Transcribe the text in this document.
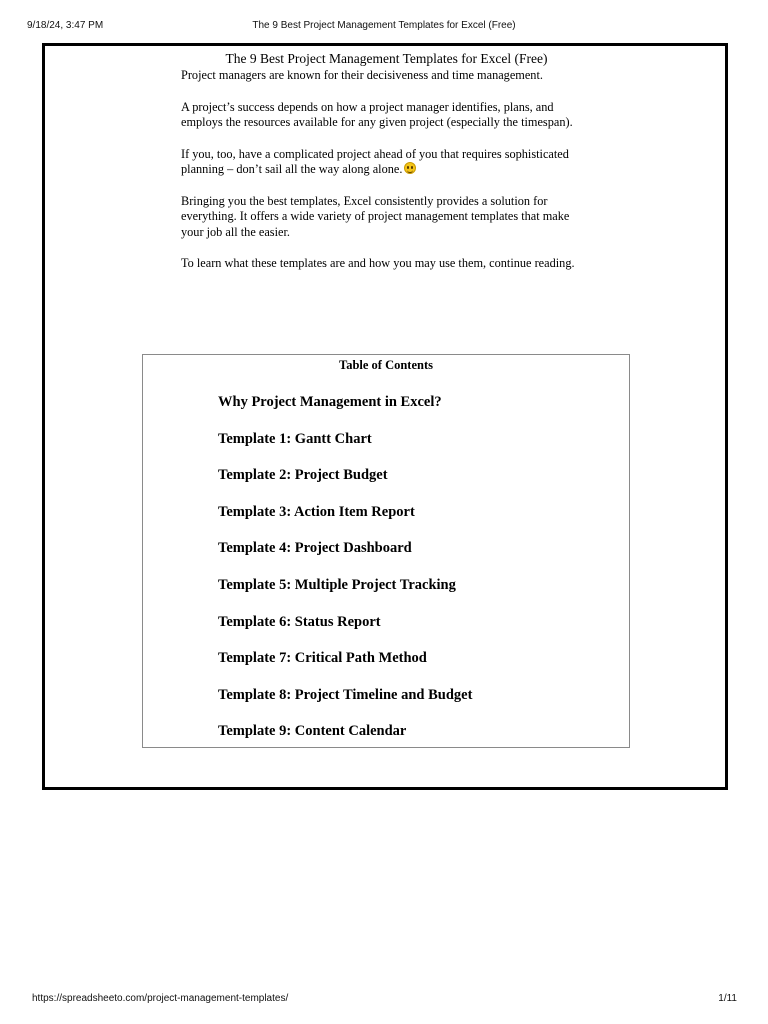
9/18/24, 3:47 PM	The 9 Best Project Management Templates for Excel (Free)
The 9 Best Project Management Templates for Excel (Free)

Project managers are known for their decisiveness and time management.

A project’s success depends on how a project manager identifies, plans, and employs the resources available for any given project (especially the timespan).

If you, too, have a complicated project ahead of you that requires sophisticated planning – don’t sail all the way along alone.

Bringing you the best templates, Excel consistently provides a solution for everything. It offers a wide variety of project management templates that make your job all the easier.

To learn what these templates are and how you may use them, continue reading.

Table of Contents
Why Project Management in Excel?
Template 1: Gantt Chart
Template 2: Project Budget
Template 3: Action Item Report
Template 4: Project Dashboard
Template 5: Multiple Project Tracking
Template 6: Status Report
Template 7: Critical Path Method
Template 8: Project Timeline and Budget
Template 9: Content Calendar
https://spreadsheeto.com/project-management-templates/	1/11
